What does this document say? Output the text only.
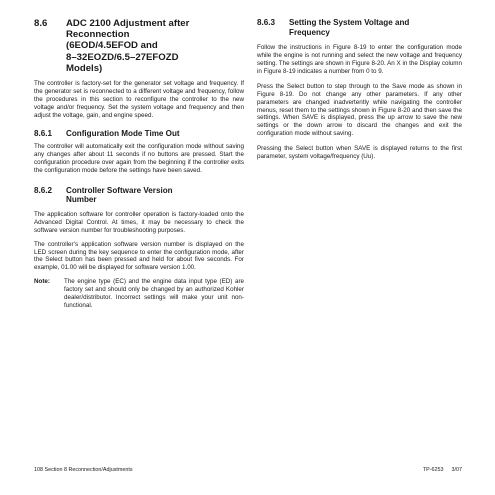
8.6	ADC 2100 Adjustment after
Reconnection
(6EOD/4.5EFOD and
8–32EOZD/6.5–27EFOZD
Models)

The controller is factory-set for the generator set voltage and frequency. If the generator set is reconnected to a different voltage and frequency, follow the procedures in this section to reconfigure the controller to the new voltage and/or frequency. Set the system voltage and frequency and then adjust the voltage, gain, and engine speed.

8.6.1	Configuration Mode Time Out

The controller will automatically exit the configuration mode without saving any changes after about 11 seconds if no buttons are pressed. Start the configuration procedure over again from the beginning if the controller exits the configuration mode before the settings have been saved.

8.6.2	Controller Software Version
Number

The application software for controller operation is factory-loaded onto the Advanced Digital Control. At times, it may be necessary to check the software version number for troubleshooting purposes.

The controller’s application software version number is displayed on the LED screen during the key sequence to enter the configuration mode, after the Select button has been pressed and held for about five seconds. For example, 01.00 will be displayed for software version 1.00.

Note:	The engine type (EC) and the engine data input type (ED) are factory set and should only be changed by an authorized Kohler dealer/distributor. Incorrect settings will make your unit non-functional.
8.6.3	Setting the System Voltage and
Frequency

Follow the instructions in Figure 8-19 to enter the configuration mode while the engine is not running and select the new voltage and frequency setting. The settings are shown in Figure 8-20. An X in the Display column in Figure 8-19 indicates a number from 0 to 9.

Press the Select button to step through to the Save mode as shown in Figure 8-19. Do not change any other parameters. If any other parameters are changed inadvertently while navigating the controller menus, reset them to the settings shown in Figure 8-20 and then save the settings. When SAVE is displayed, press the up arrow to save the new settings or the down arrow to discard the changes and exit the configuration mode without saving.

Pressing the Select button when SAVE is displayed returns to the first parameter, system voltage/frequency (Uu).

108 Section 8 Reconnection/Adjustments	TP-6253 3/07
